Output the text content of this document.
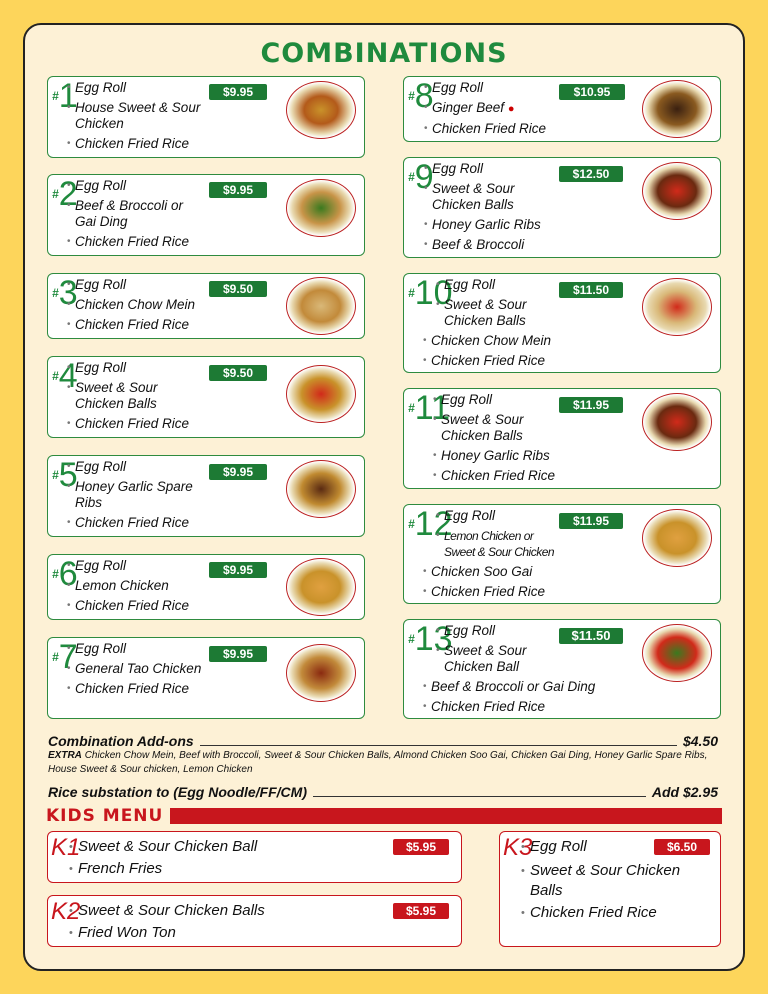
COMBINATIONS
#1
• Egg Roll
• House Sweet & Sour Chicken
• Chicken Fried Rice
$9.95
#2
• Egg Roll
• Beef & Broccoli or Gai Ding
• Chicken Fried Rice
$9.95
#3
• Egg Roll
• Chicken Chow Mein
• Chicken Fried Rice
$9.50
#4
• Egg Roll
• Sweet & Sour Chicken Balls
• Chicken Fried Rice
$9.50
#5
• Egg Roll
• Honey Garlic Spare Ribs
• Chicken Fried Rice
$9.95
#6
• Egg Roll
• Lemon Chicken
• Chicken Fried Rice
$9.95
#7
• Egg Roll
• General Tao Chicken
• Chicken Fried Rice
$9.95
#8
• Egg Roll
• Ginger Beef ●
• Chicken Fried Rice
$10.95
#9
• Egg Roll
• Sweet & Sour Chicken Balls
• Honey Garlic Ribs
• Beef & Broccoli
$12.50
#10
• Egg Roll
• Sweet & Sour Chicken Balls
• Chicken Chow Mein
• Chicken Fried Rice
$11.50
#11
• Egg Roll
• Sweet & Sour Chicken Balls
• Honey Garlic Ribs
• Chicken Fried Rice
$11.95
#12
• Egg Roll
• Lemon Chicken or Sweet & Sour Chicken
• Chicken Soo Gai
• Chicken Fried Rice
$11.95
#13
• Egg Roll
• Sweet & Sour Chicken Ball
• Beef & Broccoli or Gai Ding
• Chicken Fried Rice
$11.50
Combination Add-ons	$4.50
EXTRA Chicken Chow Mein, Beef with Broccoli, Sweet & Sour Chicken Balls, Almond Chicken Soo Gai, Chicken Gai Ding, Honey Garlic Spare Ribs, House Sweet & Sour chicken, Lemon Chicken
Rice substation to (Egg Noodle/FF/CM)	Add $2.95
KIDS MENU
K1
• Sweet & Sour Chicken Ball
• French Fries
$5.95
K2
• Sweet & Sour Chicken Balls
• Fried Won Ton
$5.95
K3
• Egg Roll
• Sweet & Sour Chicken Balls
• Chicken Fried Rice
$6.50
